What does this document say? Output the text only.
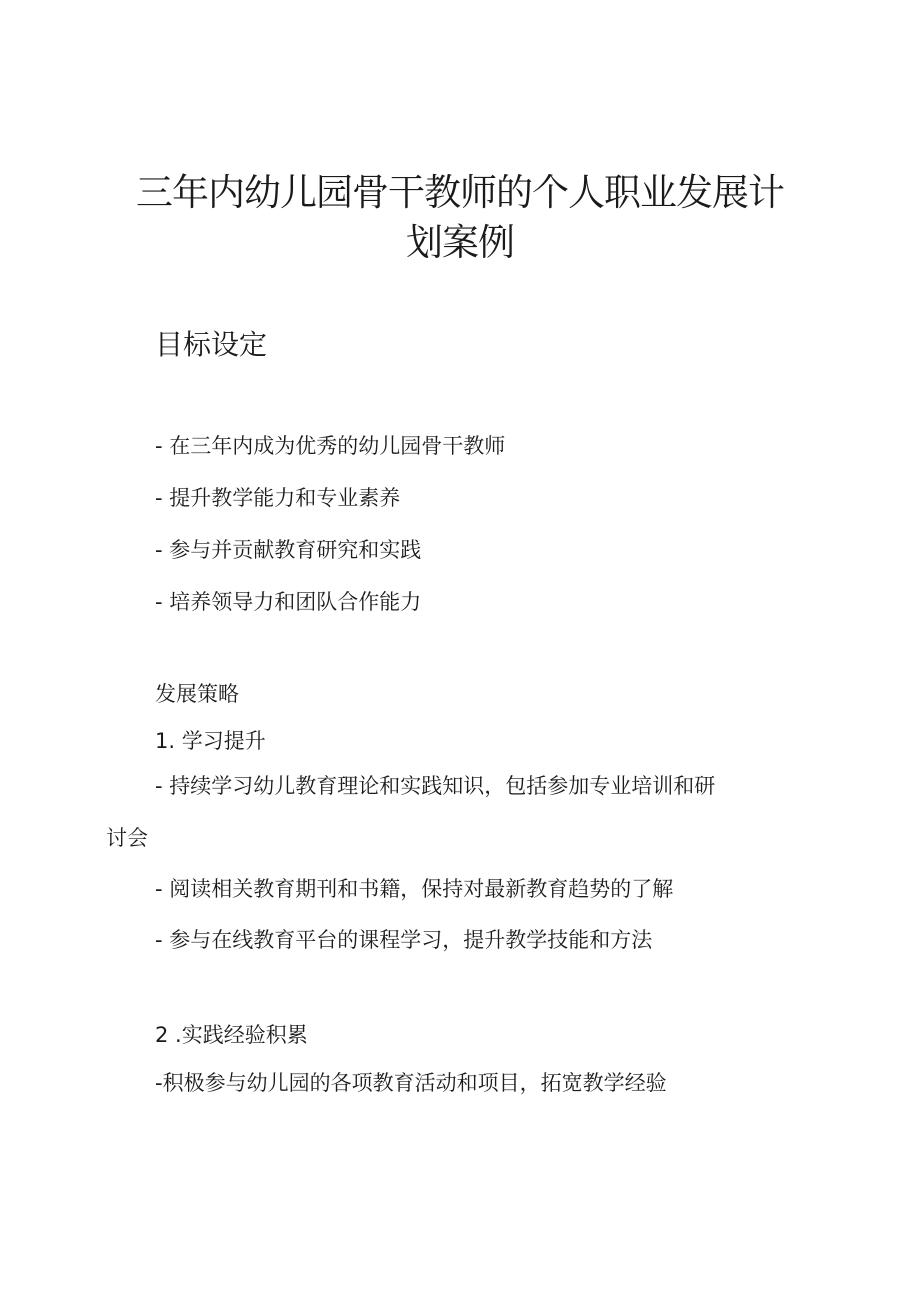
三年内幼儿园骨干教师的个人职业发展计
划案例
目标设定

- 在三年内成为优秀的幼儿园骨干教师

- 提升教学能力和专业素养

- 参与并贡献教育研究和实践

- 培养领导力和团队合作能力

发展策略

1. 学习提升

- 持续学习幼儿教育理论和实践知识，包括参加专业培训和研

讨会

- 阅读相关教育期刊和书籍，保持对最新教育趋势的了解

- 参与在线教育平台的课程学习，提升教学技能和方法

2 .实践经验积累

-积极参与幼儿园的各项教育活动和项目，拓宽教学经验
